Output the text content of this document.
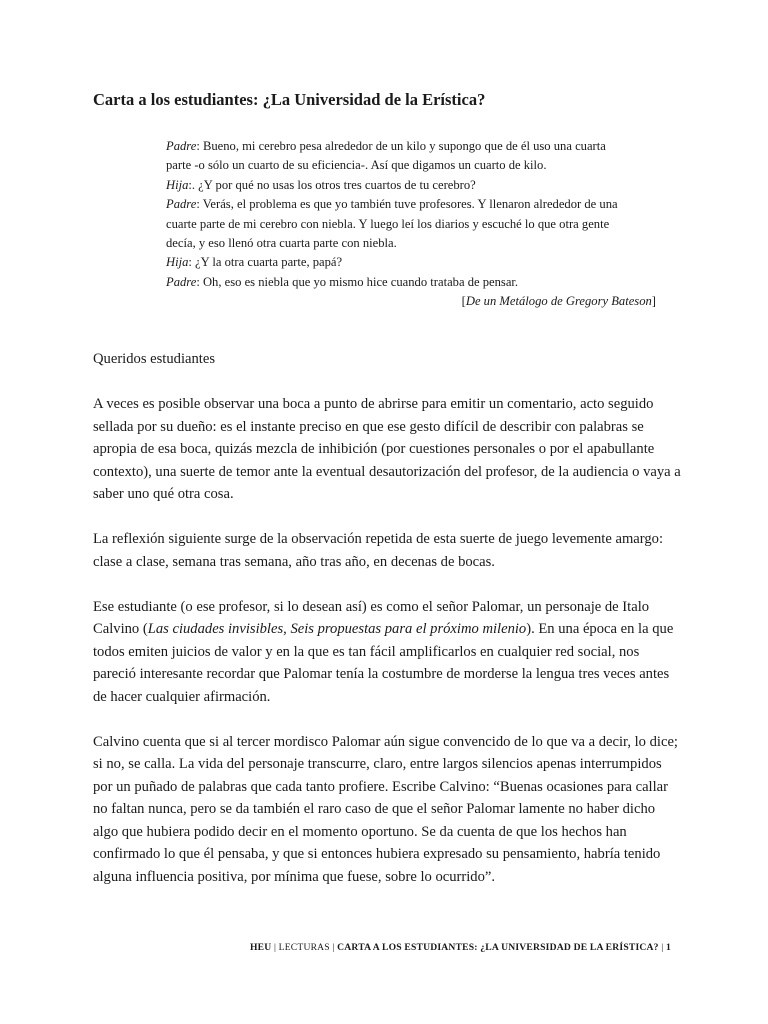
Carta a los estudiantes: ¿La Universidad de la Erística?

Padre: Bueno, mi cerebro pesa alrededor de un kilo y supongo que de él uso una cuarta

parte -o sólo un cuarto de su eficiencia-. Así que digamos un cuarto de kilo.

Hija:. ¿Y por qué no usas los otros tres cuartos de tu cerebro?

Padre: Verás, el problema es que yo también tuve profesores. Y llenaron alrededor de una

cuarte parte de mi cerebro con niebla. Y luego leí los diarios y escuché lo que otra gente

decía, y eso llenó otra cuarta parte con niebla.

Hija: ¿Y la otra cuarta parte, papá?

Padre: Oh, eso es niebla que yo mismo hice cuando trataba de pensar.

[De un Metálogo de Gregory Bateson]

Queridos estudiantes

A veces es posible observar una boca a punto de abrirse para emitir un comentario, acto seguido sellada por su dueño: es el instante preciso en que ese gesto difícil de describir con palabras se apropia de esa boca, quizás mezcla de inhibición (por cuestiones personales o por el apabullante contexto), una suerte de temor ante la eventual desautorización del profesor, de la audiencia o vaya a saber uno qué otra cosa.

La reflexión siguiente surge de la observación repetida de esta suerte de juego levemente amargo: clase a clase, semana tras semana, año tras año, en decenas de bocas.

Ese estudiante (o ese profesor, si lo desean así) es como el señor Palomar, un personaje de Italo Calvino (Las ciudades invisibles, Seis propuestas para el próximo milenio). En una época en la que todos emiten juicios de valor y en la que es tan fácil amplificarlos en cualquier red social, nos pareció interesante recordar que Palomar tenía la costumbre de morderse la lengua tres veces antes de hacer cualquier afirmación.

Calvino cuenta que si al tercer mordisco Palomar aún sigue convencido de lo que va a decir, lo dice; si no, se calla. La vida del personaje transcurre, claro, entre largos silencios apenas interrumpidos por un puñado de palabras que cada tanto profiere. Escribe Calvino: “Buenas ocasiones para callar no faltan nunca, pero se da también el raro caso de que el señor Palomar lamente no haber dicho algo que hubiera podido decir en el momento oportuno. Se da cuenta de que los hechos han confirmado lo que él pensaba, y que si entonces hubiera expresado su pensamiento, habría tenido alguna influencia positiva, por mínima que fuese, sobre lo ocurrido”.

HEU | LECTURAS | CARTA A LOS ESTUDIANTES: ¿LA UNIVERSIDAD DE LA ERÍSTICA? | 1
